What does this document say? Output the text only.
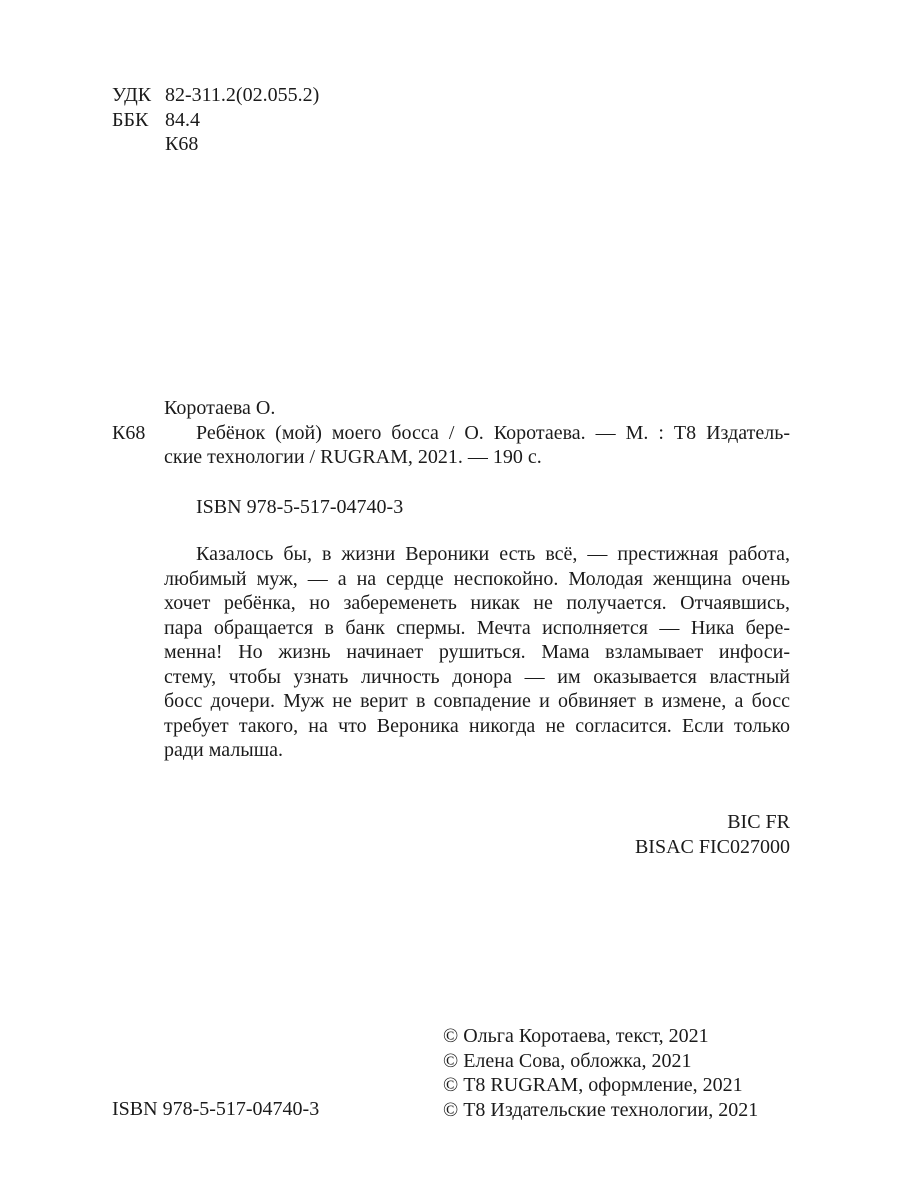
УДК 82-311.2(02.055.2)
ББК 84.4
К68
Коротаева О.
К68	Ребёнок (мой) моего босса / О. Коротаева. — М. : Т8 Издатель-
ские технологии / RUGRAM, 2021. — 190 с.
ISBN 978-5-517-04740-3
Казалось бы, в жизни Вероники есть всё, — престижная работа,
любимый муж, — а на сердце неспокойно. Молодая женщина очень
хочет ребёнка, но забеременеть никак не получается. Отчаявшись,
пара обращается в банк спермы. Мечта исполняется — Ника бере-
менна! Но жизнь начинает рушиться. Мама взламывает инфоси-
стему, чтобы узнать личность донора — им оказывается властный
босс дочери. Муж не верит в совпадение и обвиняет в измене, а босс
требует такого, на что Вероника никогда не согласится. Если только
ради малыша.
BIC FR
BISAC FIC027000
© Ольга Коротаева, текст, 2021
© Елена Сова, обложка, 2021
© Т8 RUGRAM, оформление, 2021
© Т8 Издательские технологии, 2021
ISBN 978-5-517-04740-3
